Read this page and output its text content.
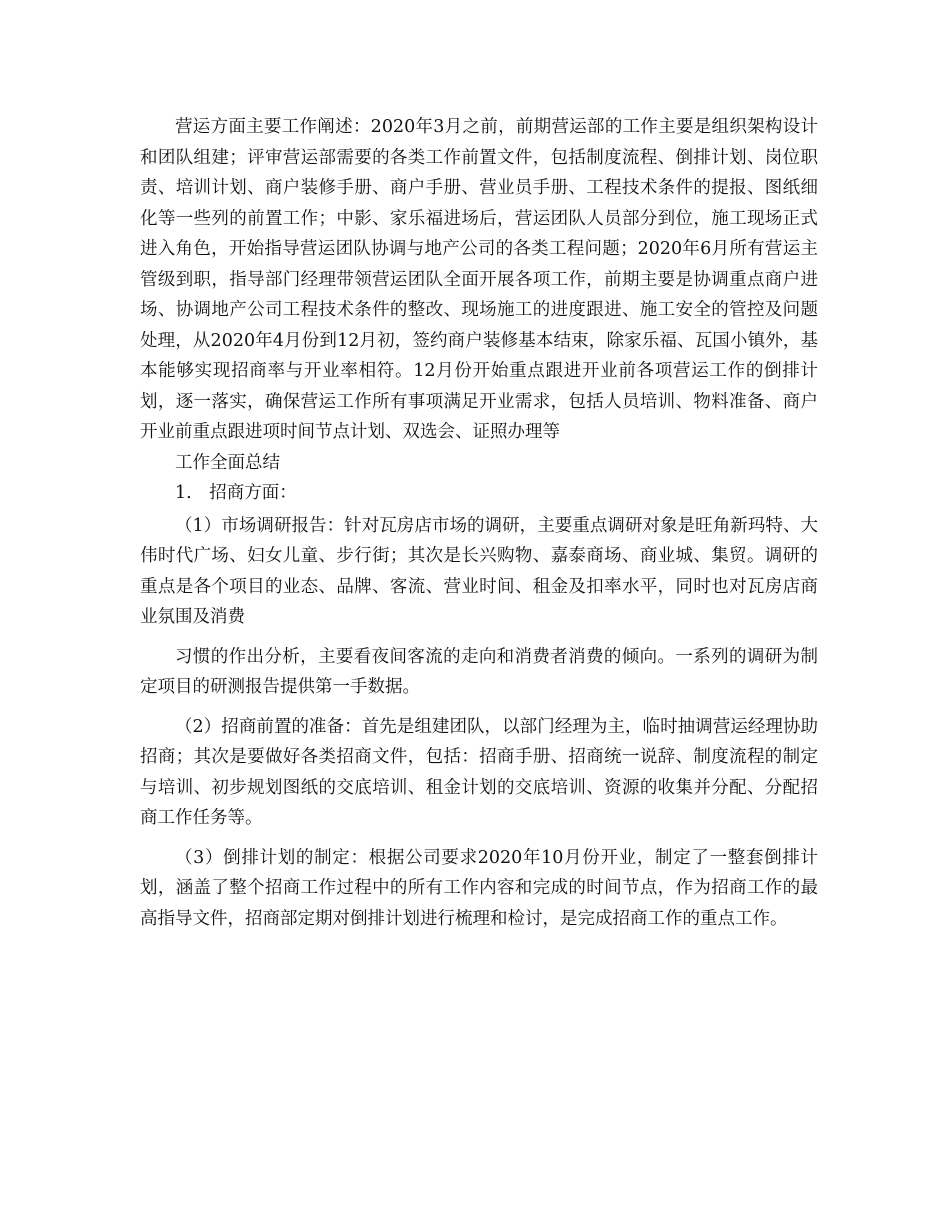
营运方面主要工作阐述：2020年3月之前，前期营运部的工作主要是组织架构设计和团队组建；评审营运部需要的各类工作前置文件，包括制度流程、倒排计划、岗位职责、培训计划、商户装修手册、商户手册、营业员手册、工程技术条件的提报、图纸细化等一些列的前置工作；中影、家乐福进场后，营运团队人员部分到位，施工现场正式进入角色，开始指导营运团队协调与地产公司的各类工程问题；2020年6月所有营运主管级到职，指导部门经理带领营运团队全面开展各项工作，前期主要是协调重点商户进场、协调地产公司工程技术条件的整改、现场施工的进度跟进、施工安全的管控及问题处理，从2020年4月份到12月初，签约商户装修基本结束，除家乐福、瓦国小镇外，基本能够实现招商率与开业率相符。12月份开始重点跟进开业前各项营运工作的倒排计划，逐一落实，确保营运工作所有事项满足开业需求，包括人员培训、物料准备、商户开业前重点跟进项时间节点计划、双选会、证照办理等

工作全面总结

1.　招商方面：

（1）市场调研报告：针对瓦房店市场的调研，主要重点调研对象是旺角新玛特、大伟时代广场、妇女儿童、步行街；其次是长兴购物、嘉泰商场、商业城、集贸。调研的重点是各个项目的业态、品牌、客流、营业时间、租金及扣率水平，同时也对瓦房店商业氛围及消费

习惯的作出分析，主要看夜间客流的走向和消费者消费的倾向。一系列的调研为制定项目的研测报告提供第一手数据。

（2）招商前置的准备：首先是组建团队，以部门经理为主，临时抽调营运经理协助招商；其次是要做好各类招商文件，包括：招商手册、招商统一说辞、制度流程的制定与培训、初步规划图纸的交底培训、租金计划的交底培训、资源的收集并分配、分配招商工作任务等。

（3）倒排计划的制定：根据公司要求2020年10月份开业，制定了一整套倒排计划，涵盖了整个招商工作过程中的所有工作内容和完成的时间节点，作为招商工作的最高指导文件，招商部定期对倒排计划进行梳理和检讨，是完成招商工作的重点工作。
